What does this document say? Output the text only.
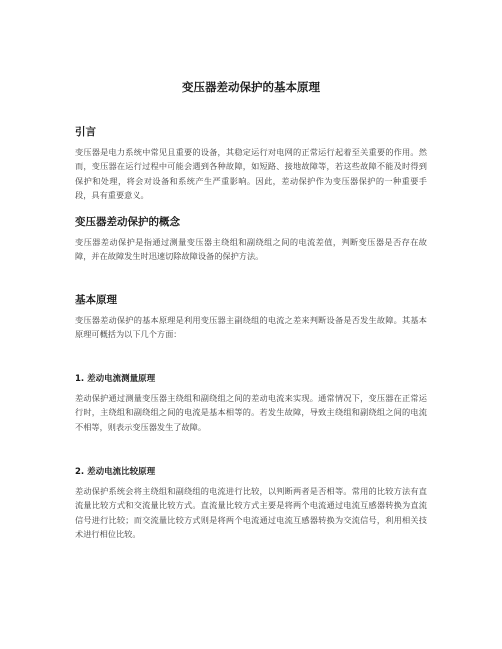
变压器差动保护的基本原理
引言

变压器是电力系统中常见且重要的设备，其稳定运行对电网的正常运行起着至关重要的作用。然而，变压器在运行过程中可能会遇到各种故障，如短路、接地故障等，若这些故障不能及时得到保护和处理，将会对设备和系统产生严重影响。因此，差动保护作为变压器保护的一种重要手段，具有重要意义。

变压器差动保护的概念

变压器差动保护是指通过测量变压器主绕组和副绕组之间的电流差值，判断变压器是否存在故障，并在故障发生时迅速切除故障设备的保护方法。

基本原理

变压器差动保护的基本原理是利用变压器主副绕组的电流之差来判断设备是否发生故障。其基本原理可概括为以下几个方面：

1. 差动电流测量原理

差动保护通过测量变压器主绕组和副绕组之间的差动电流来实现。通常情况下，变压器在正常运行时，主绕组和副绕组之间的电流是基本相等的。若发生故障，导致主绕组和副绕组之间的电流不相等，则表示变压器发生了故障。

2. 差动电流比较原理

差动保护系统会将主绕组和副绕组的电流进行比较，以判断两者是否相等。常用的比较方法有直流量比较方式和交流量比较方式。直流量比较方式主要是将两个电流通过电流互感器转换为直流信号进行比较；而交流量比较方式则是将两个电流通过电流互感器转换为交流信号，利用相关技术进行相位比较。
